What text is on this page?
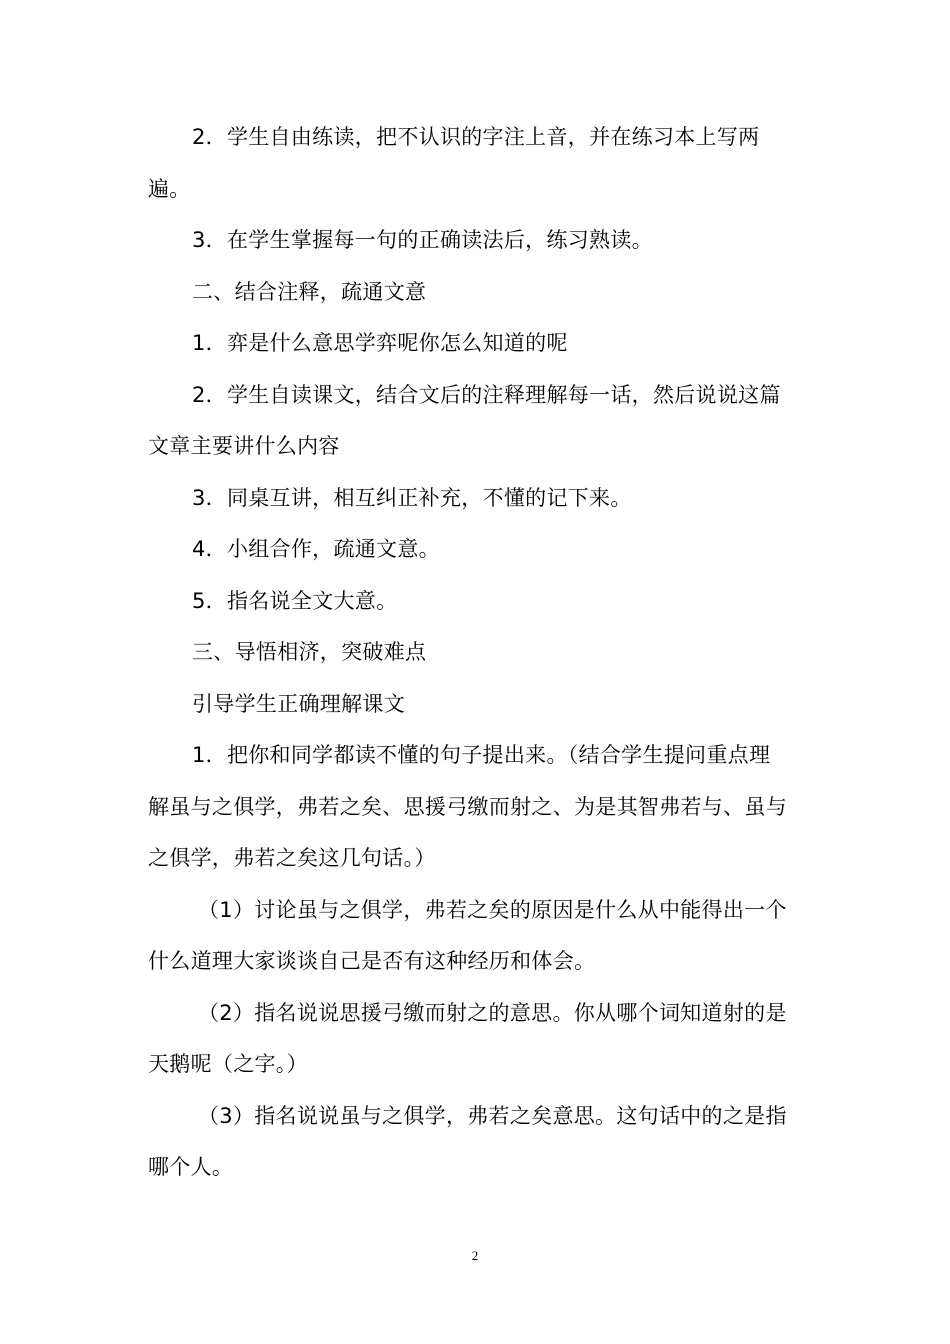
2．学生自由练读，把不认识的字注上音，并在练习本上写两遍。

3．在学生掌握每一句的正确读法后，练习熟读。

二、结合注释，疏通文意

1．弈是什么意思学弈呢你怎么知道的呢

2．学生自读课文，结合文后的注释理解每一话，然后说说这篇文章主要讲什么内容

3．同桌互讲，相互纠正补充，不懂的记下来。

4．小组合作，疏通文意。

5．指名说全文大意。

三、导悟相济，突破难点

引导学生正确理解课文

1．把你和同学都读不懂的句子提出来。（结合学生提问重点理解虽与之俱学，弗若之矣、思援弓缴而射之、为是其智弗若与、虽与之俱学，弗若之矣这几句话。）

（1）讨论虽与之俱学，弗若之矣的原因是什么从中能得出一个什么道理大家谈谈自己是否有这种经历和体会。

（2）指名说说思援弓缴而射之的意思。你从哪个词知道射的是天鹅呢（之字。）

（3）指名说说虽与之俱学，弗若之矣意思。这句话中的之是指哪个人。

2
